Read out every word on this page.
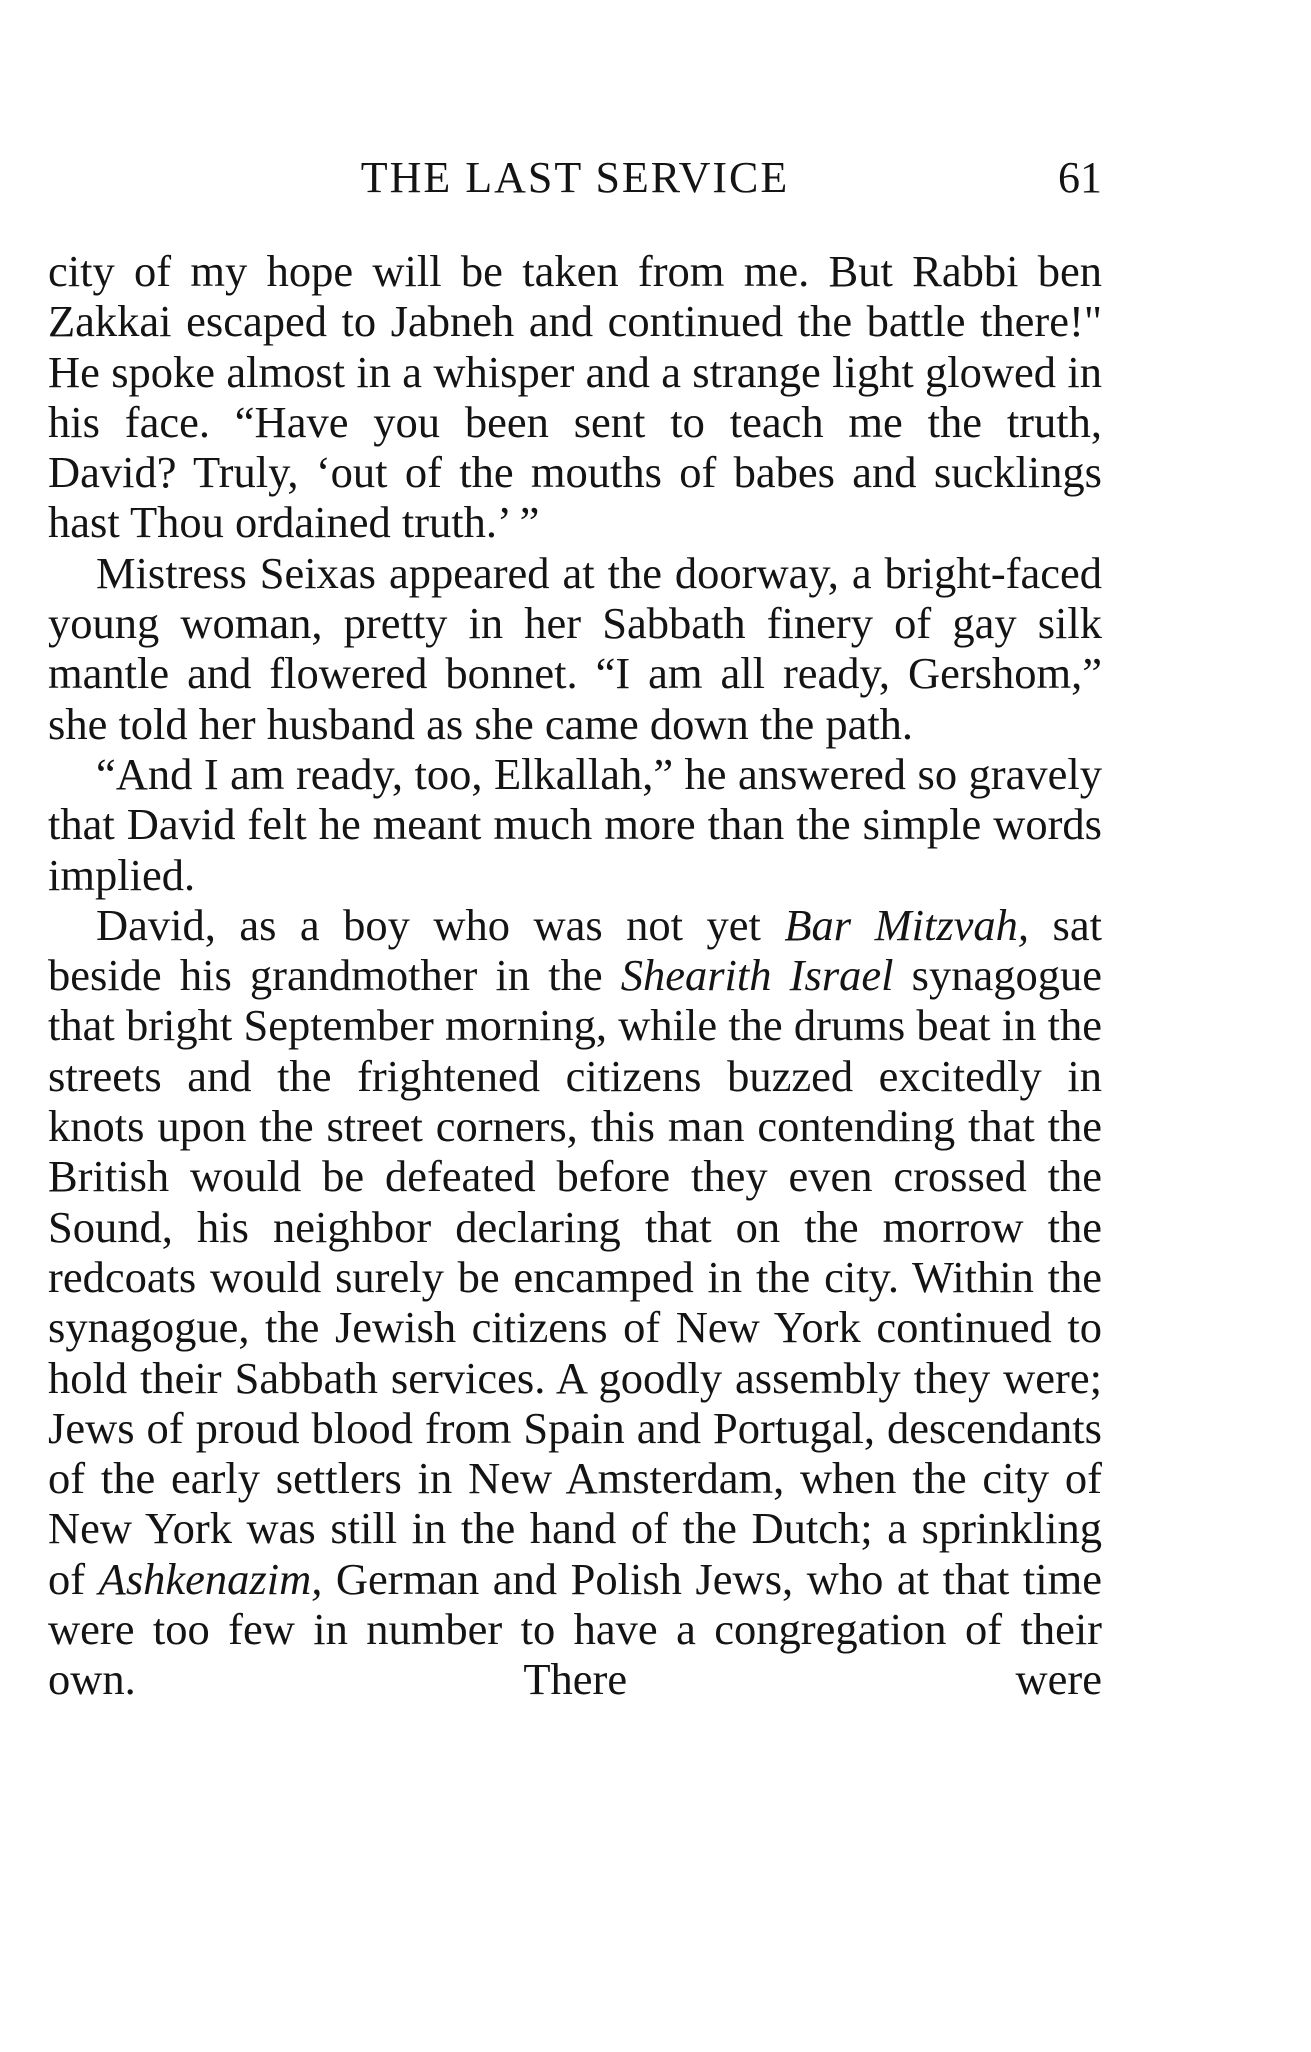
THE LAST SERVICE	61

city of my hope will be taken from me. But Rabbi ben Zakkai escaped to Jabneh and continued the battle there!" He spoke almost in a whisper and a strange light glowed in his face. “Have you been sent to teach me the truth, David? Truly, ‘out of the mouths of babes and sucklings hast Thou ordained truth.’ ”

Mistress Seixas appeared at the doorway, a bright-faced young woman, pretty in her Sabbath finery of gay silk mantle and flowered bonnet. “I am all ready, Gershom,” she told her husband as she came down the path.

“And I am ready, too, Elkallah,” he answered so gravely that David felt he meant much more than the simple words implied.

David, as a boy who was not yet Bar Mitzvah, sat beside his grandmother in the Shearith Israel synagogue that bright September morning, while the drums beat in the streets and the frightened citizens buzzed excitedly in knots upon the street corners, this man contending that the British would be defeated before they even crossed the Sound, his neighbor declaring that on the morrow the redcoats would surely be encamped in the city. Within the synagogue, the Jewish citizens of New York continued to hold their Sabbath services. A goodly assembly they were; Jews of proud blood from Spain and Portugal, descendants of the early settlers in New Amsterdam, when the city of New York was still in the hand of the Dutch; a sprinkling of Ashkenazim, German and Polish Jews, who at that time were too few in number to have a congregation of their own. There were
